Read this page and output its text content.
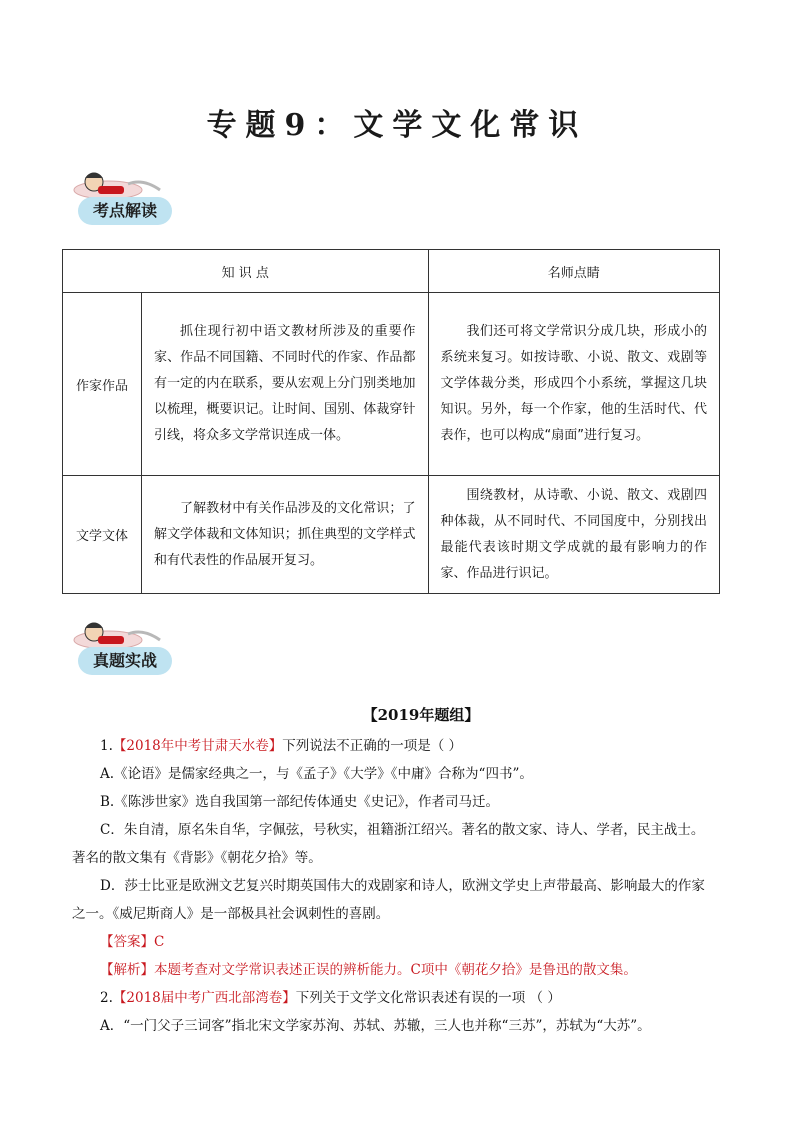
专题9：文学文化常识
考点解读
知 识 点		名师点睛
作家作品	抓住现行初中语文教材所涉及的重要作家、作品不同国籍、不同时代的作家、作品都有一定的内在联系，要从宏观上分门别类地加以梳理，概要识记。让时间、国别、体裁穿针引线，将众多文学常识连成一体。	我们还可将文学常识分成几块，形成小的系统来复习。如按诗歌、小说、散文、戏剧等文学体裁分类，形成四个小系统，掌握这几块知识。另外，每一个作家，他的生活时代、代表作，也可以构成“扇面”进行复习。
文学文体	了解教材中有关作品涉及的文化常识；了解文学体裁和文体知识；抓住典型的文学样式和有代表性的作品展开复习。	围绕教材，从诗歌、小说、散文、戏剧四种体裁，从不同时代、不同国度中，分别找出最能代表该时期文学成就的最有影响力的作家、作品进行识记。
真题实战
【2019年题组】
1.【2018年中考甘肃天水卷】下列说法不正确的一项是（ ）
A.《论语》是儒家经典之一，与《孟子》《大学》《中庸》合称为“四书”。
B.《陈涉世家》选自我国第一部纪传体通史《史记》，作者司马迁。
C．朱自清，原名朱自华，字佩弦，号秋实，祖籍浙江绍兴。著名的散文家、诗人、学者，民主战士。
著名的散文集有《背影》《朝花夕拾》等。
D．莎士比亚是欧洲文艺复兴时期英国伟大的戏剧家和诗人，欧洲文学史上声带最高、影响最大的作家
之一。《威尼斯商人》是一部极具社会讽刺性的喜剧。
【答案】C
【解析】本题考查对文学常识表述正误的辨析能力。C项中《朝花夕拾》是鲁迅的散文集。
2.【2018届中考广西北部湾卷】下列关于文学文化常识表述有误的一项 （ ）
A．“一门父子三词客”指北宋文学家苏洵、苏轼、苏辙，三人也并称“三苏”，苏轼为“大苏”。
